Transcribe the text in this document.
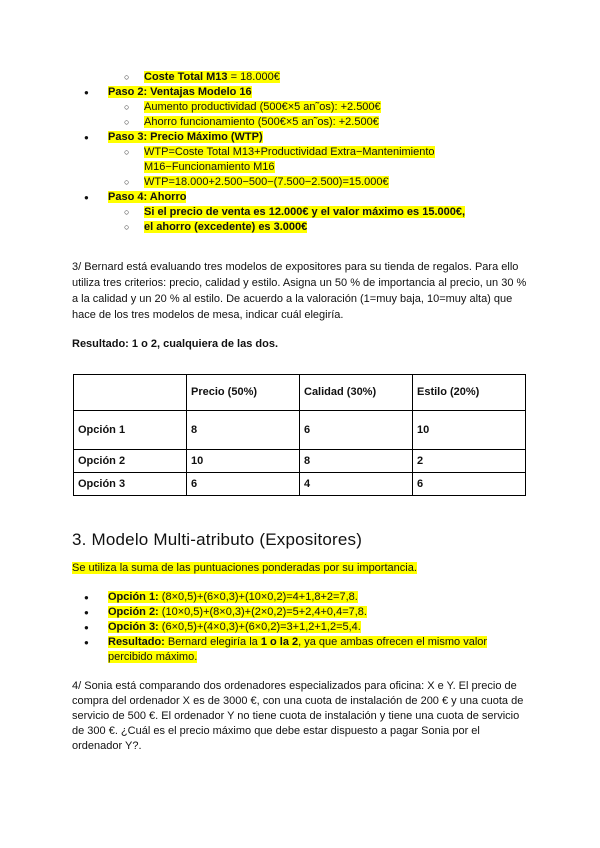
○ Coste Total M13 = 18.000€
● Paso 2: Ventajas Modelo 16
○ Aumento productividad (500€×5 an˜os): +2.500€
○ Ahorro funcionamiento (500€×5 an˜os): +2.500€
● Paso 3: Precio Máximo (WTP)
○ WTP=Coste Total M13+Productividad Extra−Mantenimiento
M16−Funcionamiento M16
○ WTP=18.000+2.500−500−(7.500−2.500)=15.000€
● Paso 4: Ahorro
○ Si el precio de venta es 12.000€ y el valor máximo es 15.000€,
○ el ahorro (excedente) es 3.000€

3/ Bernard está evaluando tres modelos de expositores para su tienda de regalos. Para ello utiliza tres criterios: precio, calidad y estilo. Asigna un 50 % de importancia al precio, un 30 % a la calidad y un 20 % al estilo. De acuerdo a la valoración (1=muy baja, 10=muy alta) que hace de los tres modelos de mesa, indicar cuál elegiría.

Resultado: 1 o 2, cualquiera de las dos.

	Precio (50%)	Calidad (30%)	Estilo (20%)
Opción 1	8	6	10
Opción 2	10	8	2
Opción 3	6	4	6
3. Modelo Multi-atributo (Expositores)

Se utiliza la suma de las puntuaciones ponderadas por su importancia.

● Opción 1: (8×0,5)+(6×0,3)+(10×0,2)=4+1,8+2=7,8.
● Opción 2: (10×0,5)+(8×0,3)+(2×0,2)=5+2,4+0,4=7,8.
● Opción 3: (6×0,5)+(4×0,3)+(6×0,2)=3+1,2+1,2=5,4.
● Resultado: Bernard elegiría la 1 o la 2, ya que ambas ofrecen el mismo valor
percibido máximo.

4/ Sonia está comparando dos ordenadores especializados para oficina: X e Y. El precio de compra del ordenador X es de 3000 €, con una cuota de instalación de 200 € y una cuota de servicio de 500 €. El ordenador Y no tiene cuota de instalación y tiene una cuota de servicio de 300 €. ¿Cuál es el precio máximo que debe estar dispuesto a pagar Sonia por el ordenador Y?.
